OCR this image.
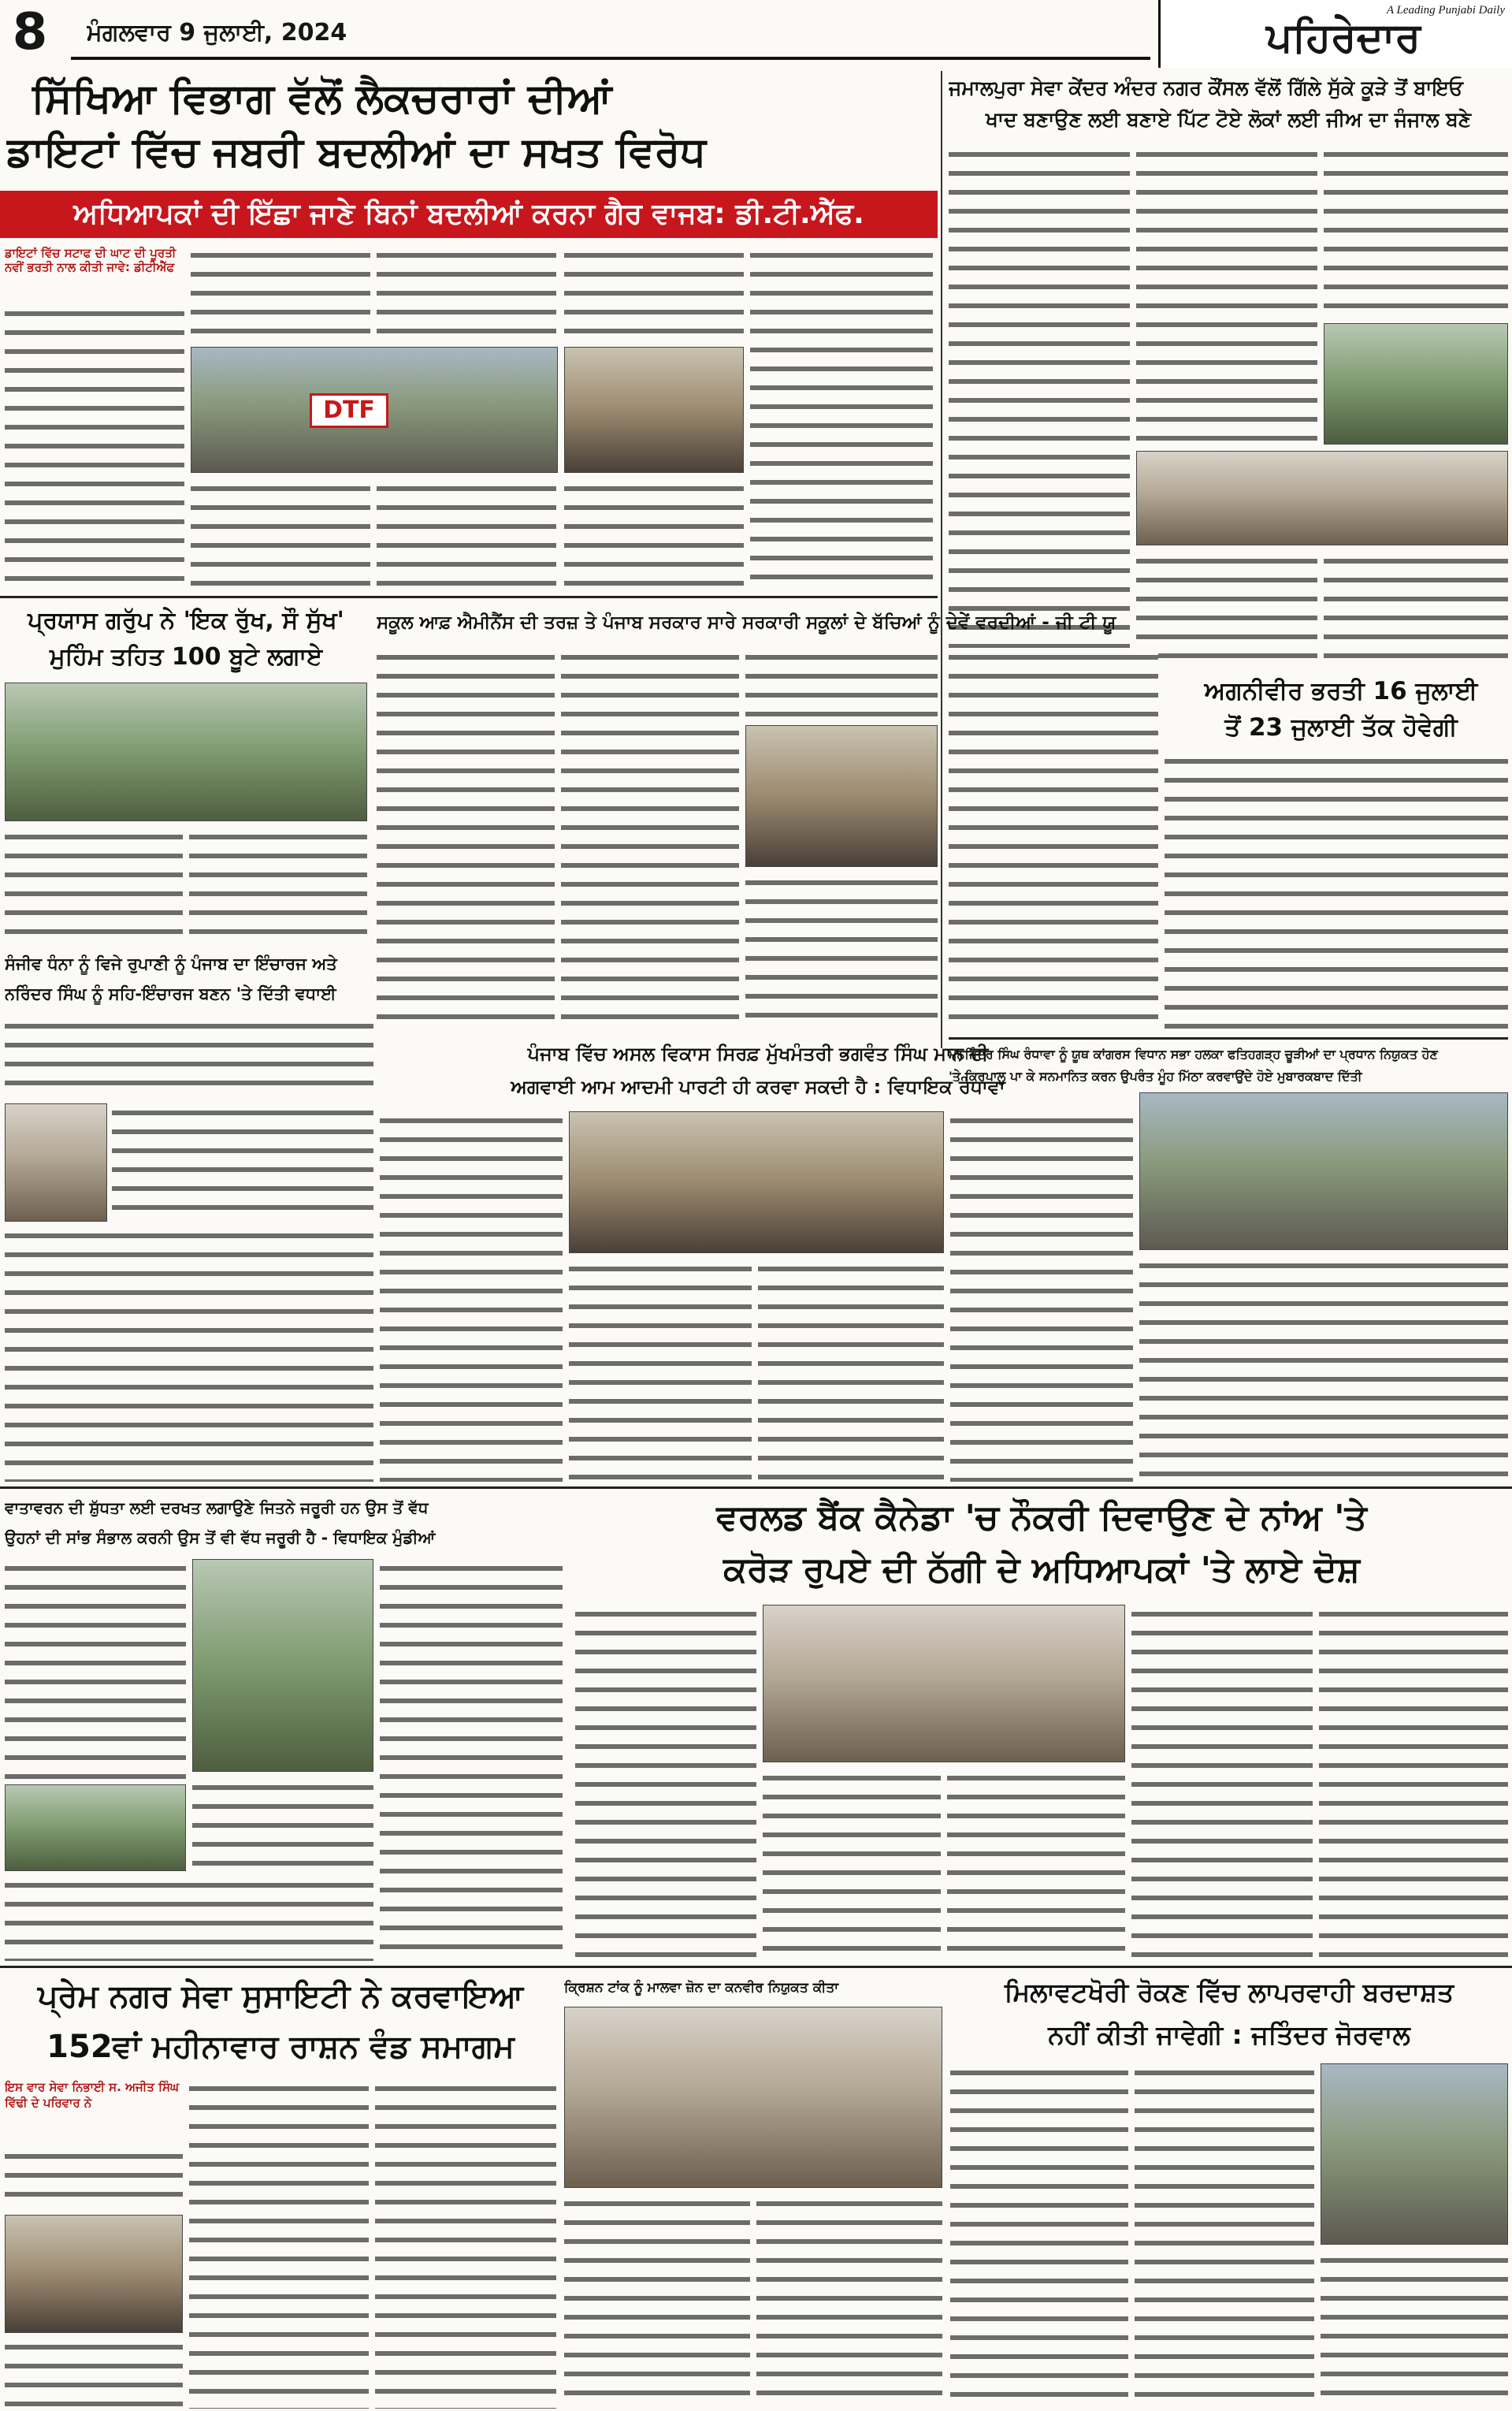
8 ਮੰਗਲਵਾਰ 9 ਜੁਲਾਈ, 2024
A Leading Punjabi Daily
ਪਹਿਰੇਦਾਰ
ਸਿੱਖਿਆ ਵਿਭਾਗ ਵੱਲੋਂ ਲੈਕਚਰਾਰਾਂ ਦੀਆਂ
ਡਾਇਟਾਂ ਵਿੱਚ ਜਬਰੀ ਬਦਲੀਆਂ ਦਾ ਸਖਤ ਵਿਰੋਧ
ਅਧਿਆਪਕਾਂ ਦੀ ਇੱਛਾ ਜਾਣੇ ਬਿਨਾਂ ਬਦਲੀਆਂ ਕਰਨਾ ਗੈਰ ਵਾਜਬ: ਡੀ.ਟੀ.ਐੱਫ.
ਡਾਇਟਾਂ ਵਿੱਚ ਸਟਾਫ ਦੀ ਘਾਟ ਦੀ ਪੂਰਤੀ ਨਵੀਂ ਭਰਤੀ ਨਾਲ ਕੀਤੀ ਜਾਵੇ: ਡੀਟੀਐੱਫ
DTF
ਜਮਾਲਪੁਰਾ ਸੇਵਾ ਕੇਂਦਰ ਅੰਦਰ ਨਗਰ ਕੌਂਸਲ ਵੱਲੋਂ ਗਿੱਲੇ ਸੁੱਕੇ ਕੂੜੇ ਤੋਂ ਬਾਇਓ
ਖਾਦ ਬਣਾਉਣ ਲਈ ਬਣਾਏ ਪਿੱਟ ਟੋਏ ਲੋਕਾਂ ਲਈ ਜੀਅ ਦਾ ਜੰਜਾਲ ਬਣੇ
ਪ੍ਰਯਾਸ ਗਰੁੱਪ ਨੇ 'ਇਕ ਰੁੱਖ, ਸੌ ਸੁੱਖ'
ਮੁਹਿੰਮ ਤਹਿਤ 100 ਬੂਟੇ ਲਗਾਏ
ਸਕੂਲ ਆਫ਼ ਐਮੀਨੈਂਸ ਦੀ ਤਰਜ਼ ਤੇ ਪੰਜਾਬ ਸਰਕਾਰ ਸਾਰੇ ਸਰਕਾਰੀ ਸਕੂਲਾਂ ਦੇ ਬੱਚਿਆਂ ਨੂੰ ਦੇਵੇਂ ਵਰਦੀਆਂ - ਜੀ ਟੀ ਯੂ
ਅਗਨੀਵੀਰ ਭਰਤੀ 16 ਜੁਲਾਈ
ਤੋਂ 23 ਜੁਲਾਈ ਤੱਕ ਹੋਵੇਗੀ
ਸੰਜੀਵ ਧੰਨਾ ਨੂੰ ਵਿਜੇ ਰੁਪਾਣੀ ਨੂੰ ਪੰਜਾਬ ਦਾ ਇੰਚਾਰਜ ਅਤੇ
ਨਰਿੰਦਰ ਸਿੰਘ ਨੂੰ ਸਹਿ-ਇੰਚਾਰਜ ਬਣਨ 'ਤੇ ਦਿੱਤੀ ਵਧਾਈ
ਮਨਜਿੰਦਰ ਸਿੰਘ ਰੰਧਾਵਾ ਨੂੰ ਯੂਥ ਕਾਂਗਰਸ ਵਿਧਾਨ ਸਭਾ ਹਲਕਾ ਫਤਿਹਗੜ੍ਹ ਚੂੜੀਆਂ ਦਾ ਪ੍ਰਧਾਨ ਨਿਯੁਕਤ ਹੋਣ
'ਤੇ ਕਿਰਪਾਲੂ ਪਾ ਕੇ ਸਨਮਾਨਿਤ ਕਰਨ ਉਪਰੰਤ ਮੂੰਹ ਮਿੱਠਾ ਕਰਵਾਉਂਦੇ ਹੋਏ ਮੁਬਾਰਕਬਾਦ ਦਿੱਤੀ
ਪੰਜਾਬ ਵਿੱਚ ਅਸਲ ਵਿਕਾਸ ਸਿਰਫ਼ ਮੁੱਖਮੰਤਰੀ ਭਗਵੰਤ ਸਿੰਘ ਮਾਨ ਦੀ
ਅਗਵਾਈ ਆਮ ਆਦਮੀ ਪਾਰਟੀ ਹੀ ਕਰਵਾ ਸਕਦੀ ਹੈ : ਵਿਧਾਇਕ ਰੰਧਾਵਾ
ਵਾਤਾਵਰਨ ਦੀ ਸ਼ੁੱਧਤਾ ਲਈ ਦਰਖਤ ਲਗਾਉਣੇ ਜਿਤਨੇ ਜਰੂਰੀ ਹਨ ਉਸ ਤੋਂ ਵੱਧ
ਉਹਨਾਂ ਦੀ ਸਾਂਭ ਸੰਭਾਲ ਕਰਨੀ ਉਸ ਤੋਂ ਵੀ ਵੱਧ ਜਰੂਰੀ ਹੈ - ਵਿਧਾਇਕ ਮੁੰਡੀਆਂ	ਵਰਲਡ ਬੈਂਕ ਕੈਨੇਡਾ 'ਚ ਨੌਕਰੀ ਦਿਵਾਉਣ ਦੇ ਨਾਂਅ 'ਤੇ
ਕਰੋੜ ਰੁਪਏ ਦੀ ਠੱਗੀ ਦੇ ਅਧਿਆਪਕਾਂ 'ਤੇ ਲਾਏ ਦੋਸ਼
ਪ੍ਰੇਮ ਨਗਰ ਸੇਵਾ ਸੁਸਾਇਟੀ ਨੇ ਕਰਵਾਇਆ
152ਵਾਂ ਮਹੀਨਾਵਾਰ ਰਾਸ਼ਨ ਵੰਡ ਸਮਾਗਮ
ਇਸ ਵਾਰ ਸੇਵਾ ਨਿਭਾਈ ਸ. ਅਜੀਤ ਸਿੰਘ ਵਿੱਢੀ ਦੇ ਪਰਿਵਾਰ ਨੇ
ਕ੍ਰਿਸ਼ਨ ਟਾਂਕ ਨੂੰ ਮਾਲਵਾ ਜ਼ੋਨ ਦਾ ਕਨਵੀਰ ਨਿਯੁਕਤ ਕੀਤਾ	ਮਿਲਾਵਟਖੋਰੀ ਰੋਕਣ ਵਿੱਚ ਲਾਪਰਵਾਹੀ ਬਰਦਾਸ਼ਤ
ਨਹੀਂ ਕੀਤੀ ਜਾਵੇਗੀ : ਜਤਿੰਦਰ ਜੋਰਵਾਲ
